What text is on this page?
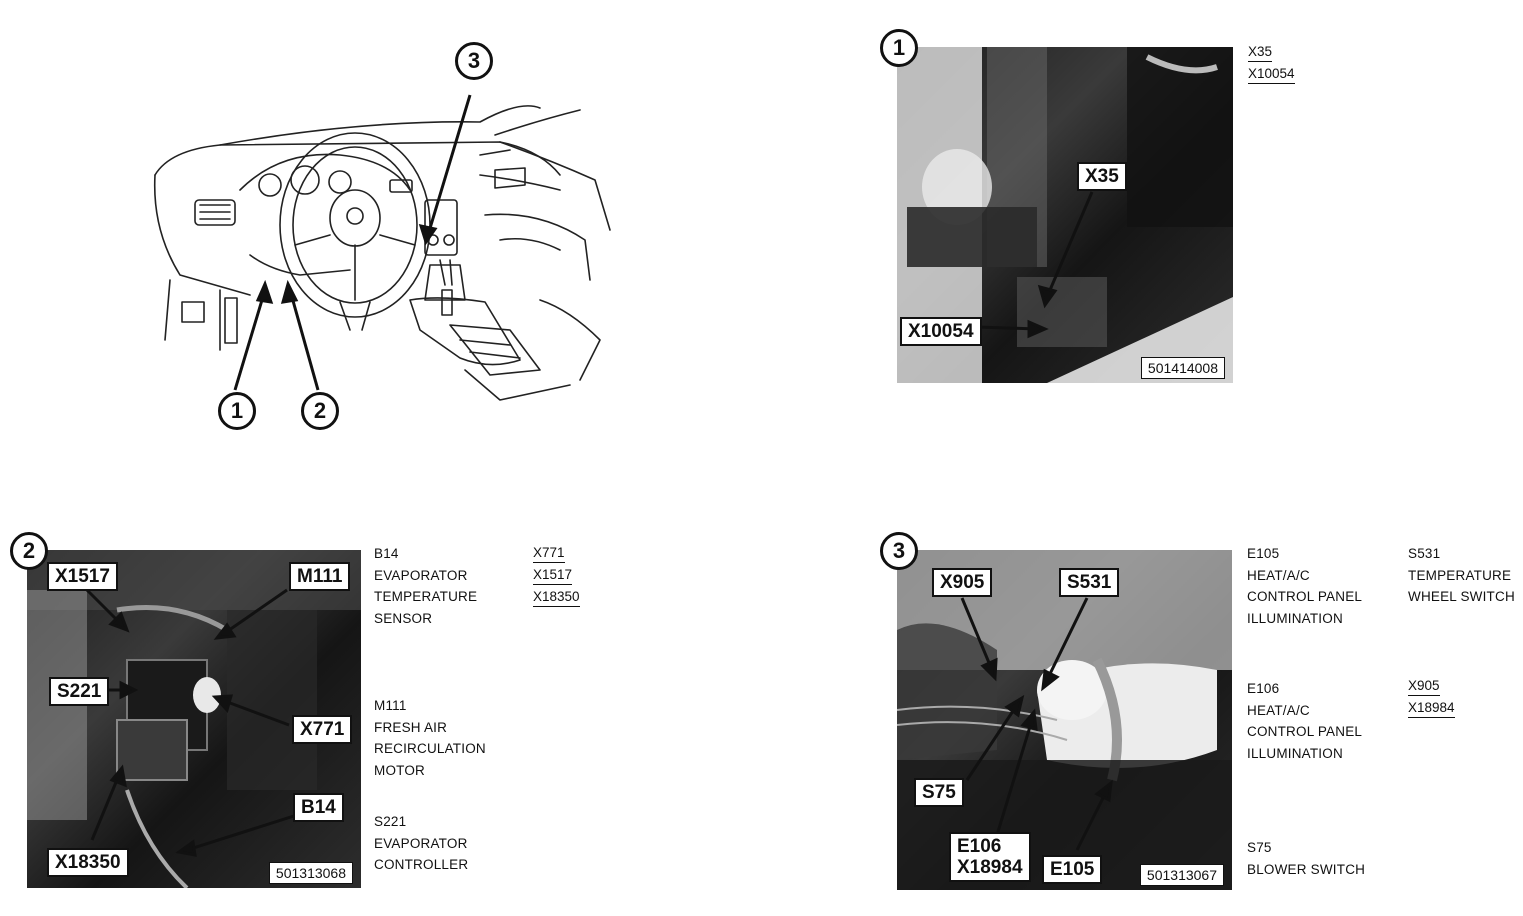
1	2
3
X35
X10054
501414008
1	X35
X10054
X1517	M111
S221
X771
B14
X18350	501313068
2	B14
EVAPORATOR
TEMPERATURE
SENSOR
M111
FRESH AIR
RECIRCULATION
MOTOR
S221
EVAPORATOR
CONTROLLER
X771
X1517
X18350
X905	S531
S75
E106
X18984	E105	501313067
3	E105
HEAT/A/C
CONTROL PANEL
ILLUMINATION
S531
TEMPERATURE
WHEEL SWITCH
E106
HEAT/A/C
CONTROL PANEL
ILLUMINATION
X905
X18984
S75
BLOWER SWITCH
